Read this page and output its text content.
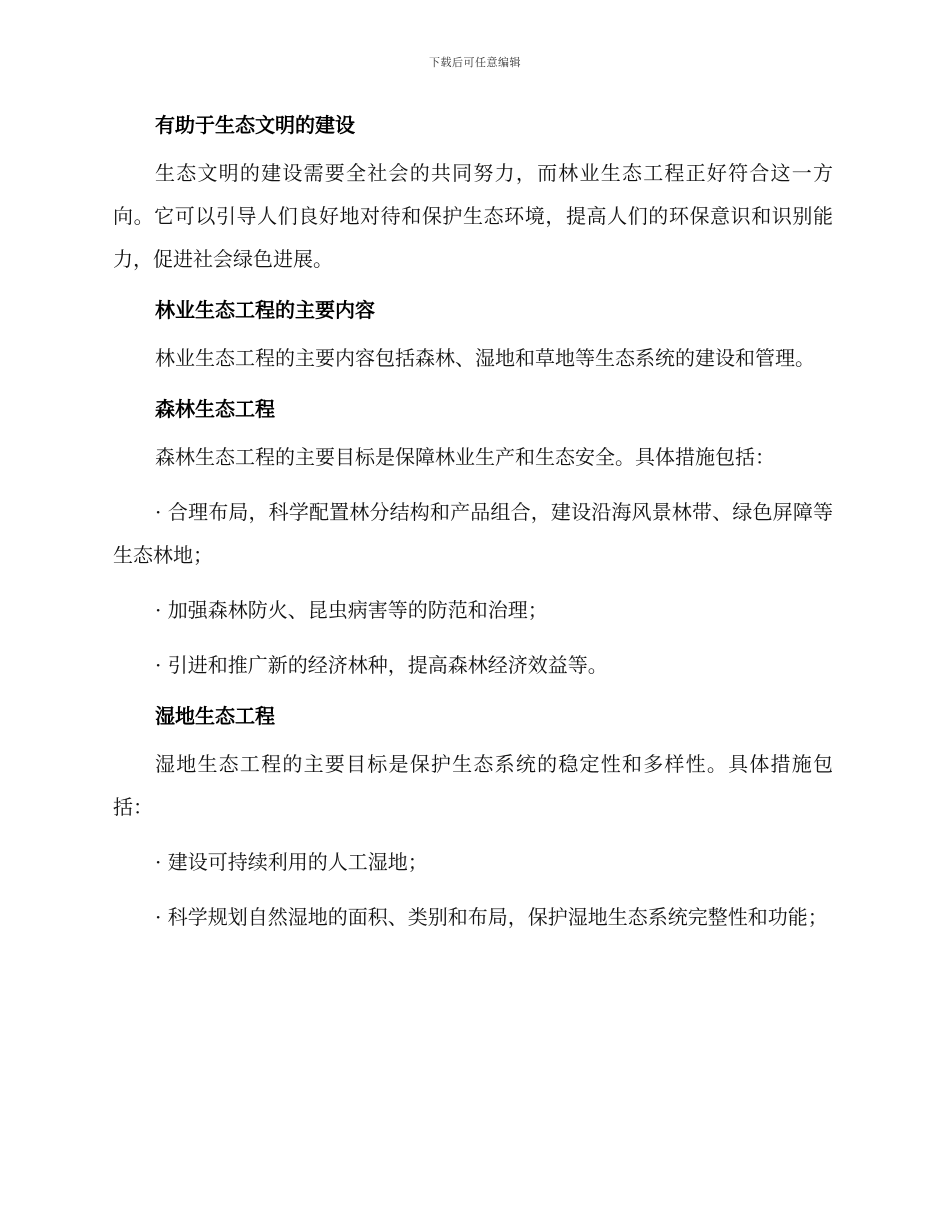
下载后可任意编辑
有助于生态文明的建设

生态文明的建设需要全社会的共同努力，而林业生态工程正好符合这一方向。它可以引导人们良好地对待和保护生态环境，提高人们的环保意识和识别能力，促进社会绿色进展。

林业生态工程的主要内容

林业生态工程的主要内容包括森林、湿地和草地等生态系统的建设和管理。

森林生态工程

森林生态工程的主要目标是保障林业生产和生态安全。具体措施包括：

· 合理布局，科学配置林分结构和产品组合，建设沿海风景林带、绿色屏障等生态林地；

· 加强森林防火、昆虫病害等的防范和治理；

· 引进和推广新的经济林种，提高森林经济效益等。

湿地生态工程

湿地生态工程的主要目标是保护生态系统的稳定性和多样性。具体措施包括：

· 建设可持续利用的人工湿地；

· 科学规划自然湿地的面积、类别和布局，保护湿地生态系统完整性和功能；
